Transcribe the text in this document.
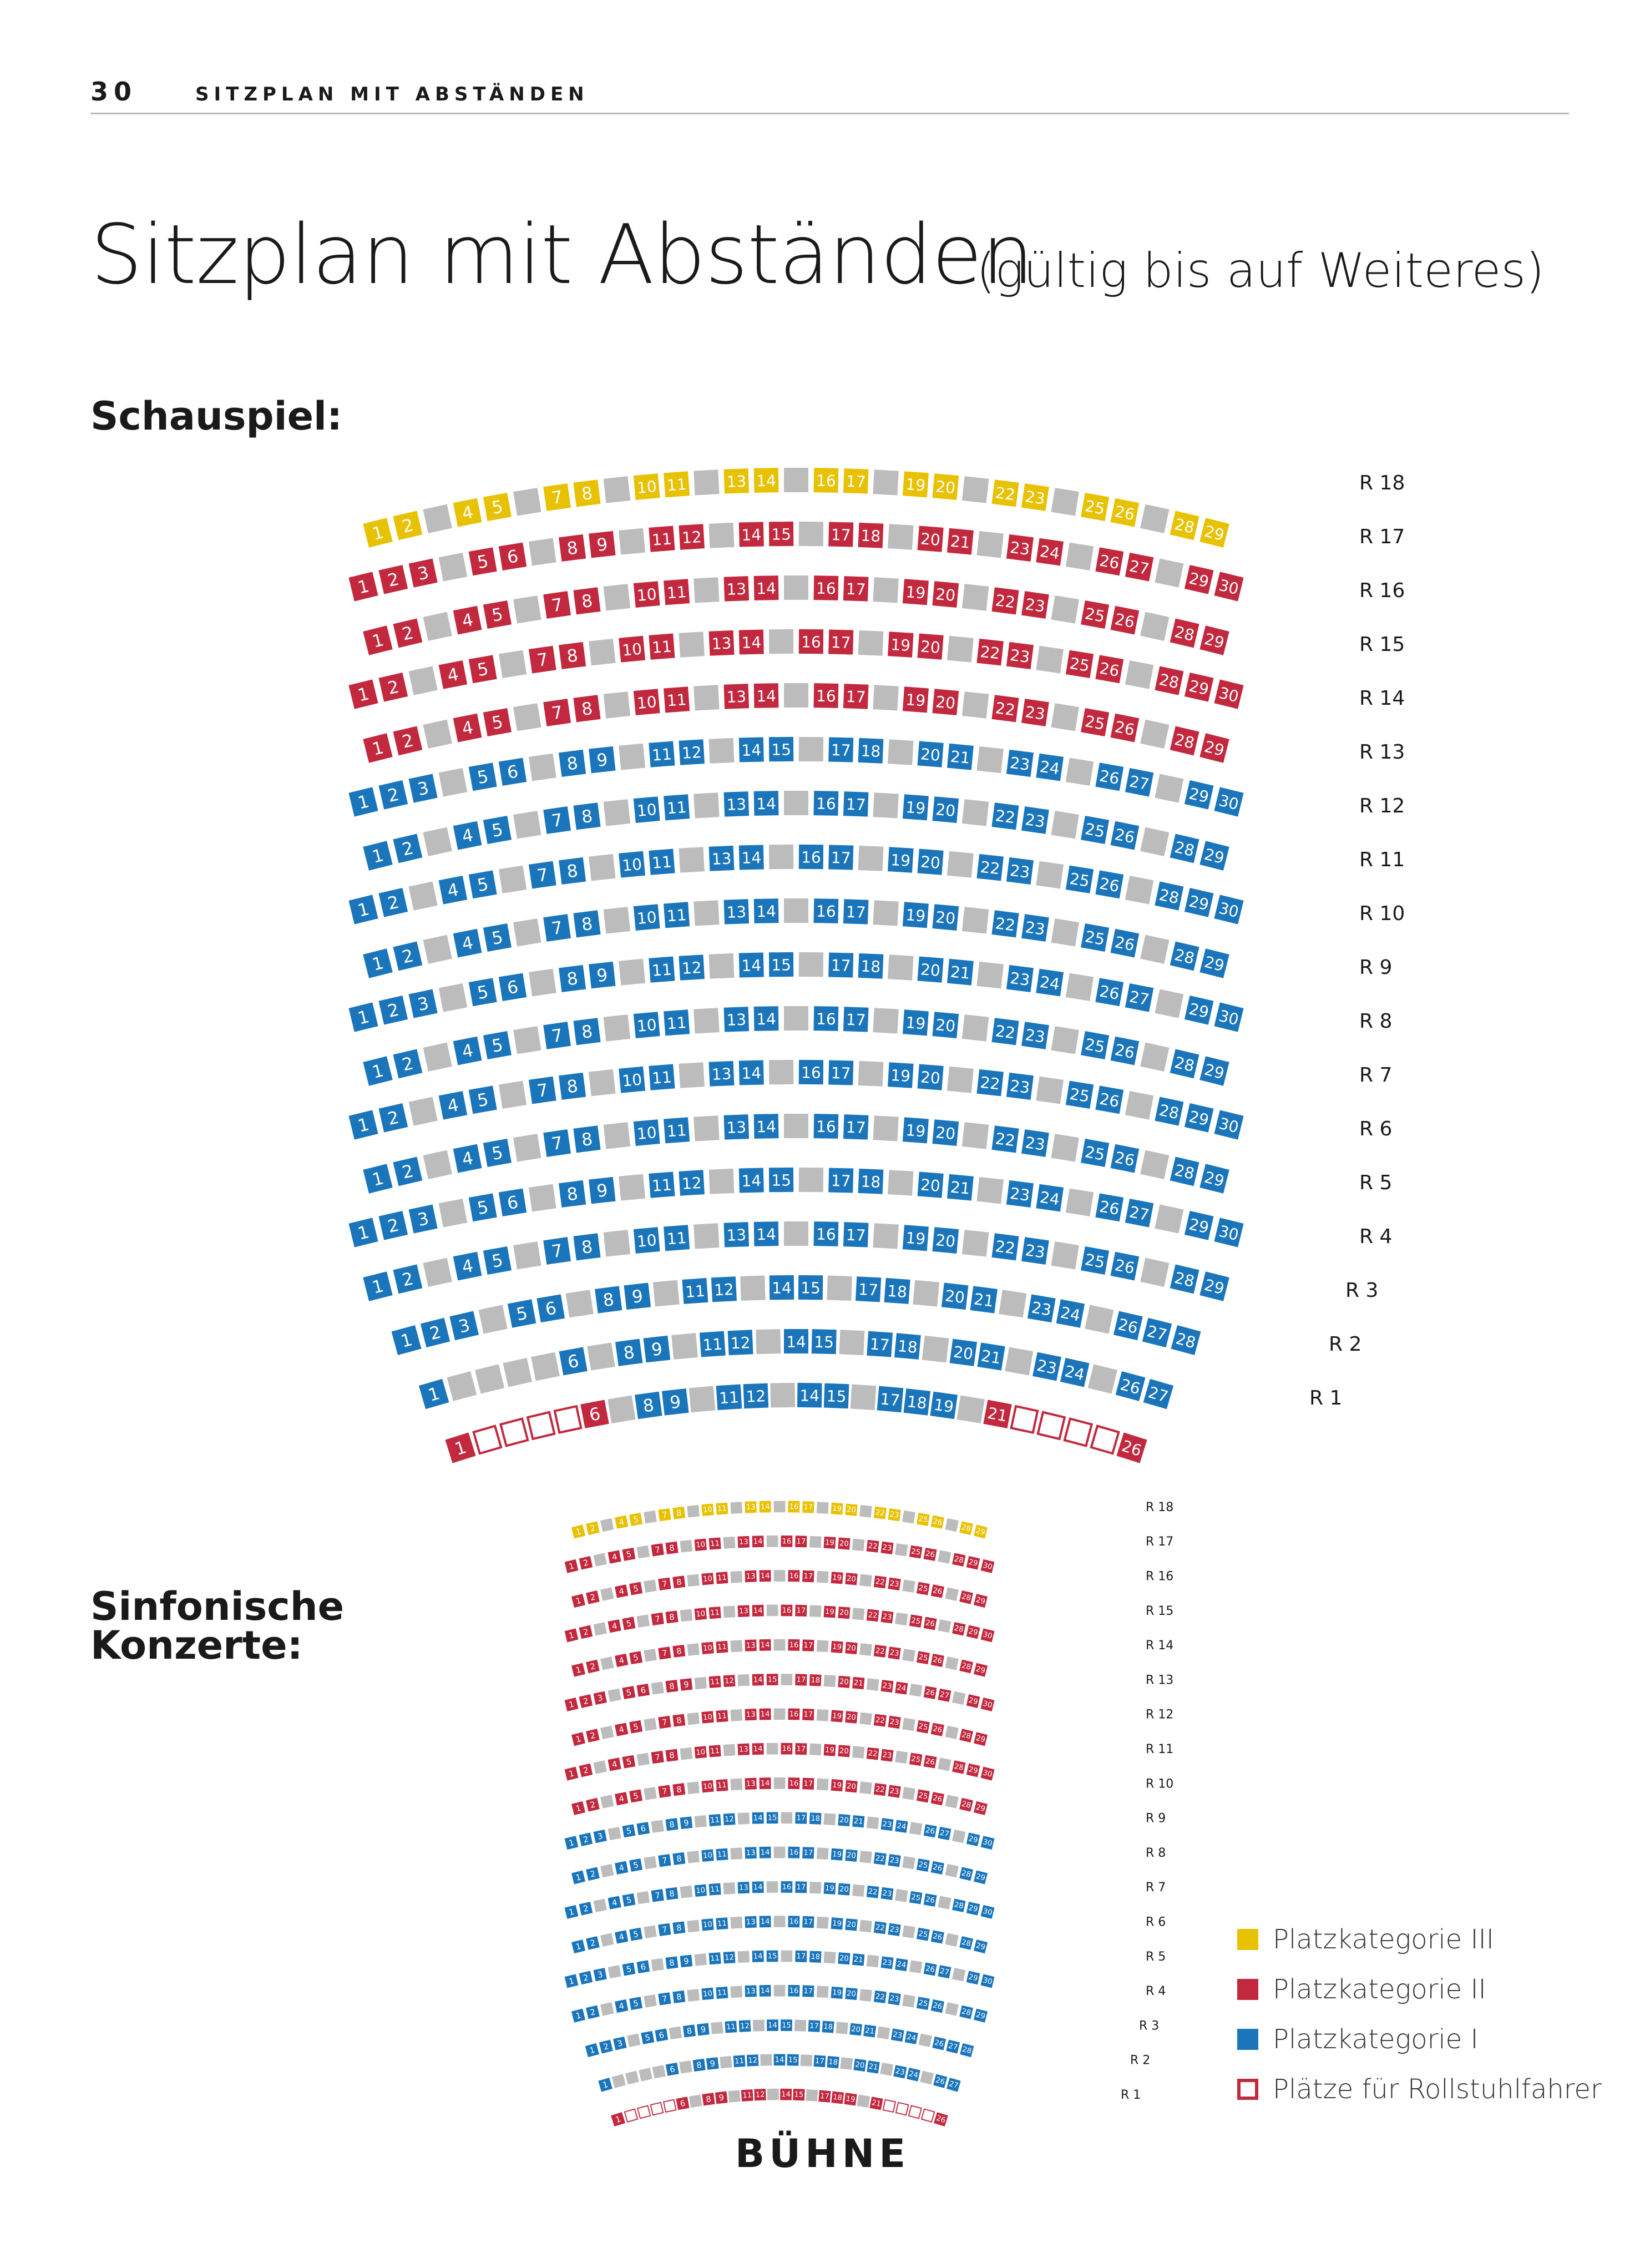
30	SITZPLAN MIT ABSTÄNDEN
Sitzplan mit Abständen
(gültig bis auf Weiteres)
Schauspiel:
Sinfonische
Konzerte:
1 2
4 5	7 8	10 11	13 14	16 17	19 20 22 23 25 26
28 29
R 18
1 2 3
5 6	8 9	11 12	14 15	17 18	20 21 23 24 26 27
29 30
R 17
1 2
4 5	7 8	10 11	13 14	16 17	19 20 22 23 25 26
28 29
R 16
1 2
4 5	7 8	10 11	13 14	16 17	19 20 22 23 25 26
28 29 30
R 15
1 2
4 5	7 8	10 11	13 14	16 17	19 20 22 23 25 26
28 29
R 14
1 2 3
5 6	8 9	11 12	14 15	17 18	20 21 23 24 26 27
29 30
R 13
1 2
4 5	7 8	10 11	13 14	16 17	19 20 22 23 25 26
28 29
R 12
1 2
4 5	7 8	10 11	13 14	16 17	19 20 22 23 25 26
28 29 30
R 11
1 2
4 5	7 8	10 11	13 14	16 17	19 20 22 23 25 26
28 29
R 10
1 2 3
5 6	8 9	11 12	14 15	17 18	20 21 23 24 26 27
29 30
R 9
1 2
4 5	7 8	10 11	13 14	16 17	19 20 22 23 25 26
28 29
R 8
1 2
4 5	7 8	10 11	13 14	16 17	19 20 22 23 25 26
28 29 30
R 7
1 2
4 5	7 8	10 11	13 14	16 17	19 20 22 23 25 26
28 29
R 6
1 2 3
5 6	8 9	11 12	14 15	17 18	20 21 23 24 26 27
29 30
R 5
1 2
4 5	7 8	10 11	13 14	16 17	19 20 22 23 25 26
28 29
R 4
1 2 3
5 6	8 9	11 12 14 15 17 18 20 21 23 24
26 27 28
R 3
1
6 8 9 11 12 14 15 17 18 20 21 23 24
26 27
R 2
1
6 8 9 11 12 14 15 17 18 19 21
26
R 1
1 2
4 5	7 8	10 11	13 14	16 17	19 20	22 23 25 26
28 29
R 18
1 2
4 5	7 8	10 11	13 14	16 17	19 20	22 23	25 26
28 29 30
R 17
1 2
4 5	7 8	10 11	13 14	16 17	19 20	22 23 25 26
28 29
R 16
1 2
4 5	7 8	10 11	13 14	16 17	19 20	22 23	25 26
28 29 30
R 15
1 2
4 5	7 8	10 11	13 14	16 17	19 20	22 23 25 26
28 29
R 14
1 2 3
5 6	8 9	11 12	14 15	17 18	20 21	23 24	26 27
29 30
R 13
1 2
4 5	7 8	10 11	13 14	16 17	19 20	22 23 25 26
28 29
R 12
1 2
4 5	7 8	10 11	13 14	16 17	19 20	22 23	25 26
28 29 30
R 11
1 2
4 5	7 8	10 11	13 14	16 17	19 20	22 23 25 26
28 29
R 10
1 2 3
5 6	8 9	11 12	14 15	17 18	20 21	23 24	26 27
29 30
R 9
1 2
4 5	7 8	10 11	13 14	16 17	19 20	22 23 25 26
28 29
R 8
1 2
4 5	7 8	10 11	13 14	16 17	19 20	22 23	25 26
28 29 30
R 7
1 2
4 5	7 8	10 11	13 14	16 17	19 20	22 23 25 26
28 29
R 6
1 2 3
5 6	8 9	11 12	14 15	17 18	20 21	23 24	26 27
29 30
R 5
1 2
4 5	7 8	10 11	13 14	16 17	19 20	22 23 25 26
28 29
R 4
1 2 3
5 6	8 9	11 12 14 15 17 18 20 21 23 24
26 27 28
R 3
1
6	8 9	11 12 14 15 17 18 20 21 23 24
26 27
R 2
1
6 8 9 11 12 14 15 17 18 19 21
26
R 1
Platzkategorie III
Platzkategorie II
Platzkategorie I
Plätze für Rollstuhlfahrer
BÜHNE
